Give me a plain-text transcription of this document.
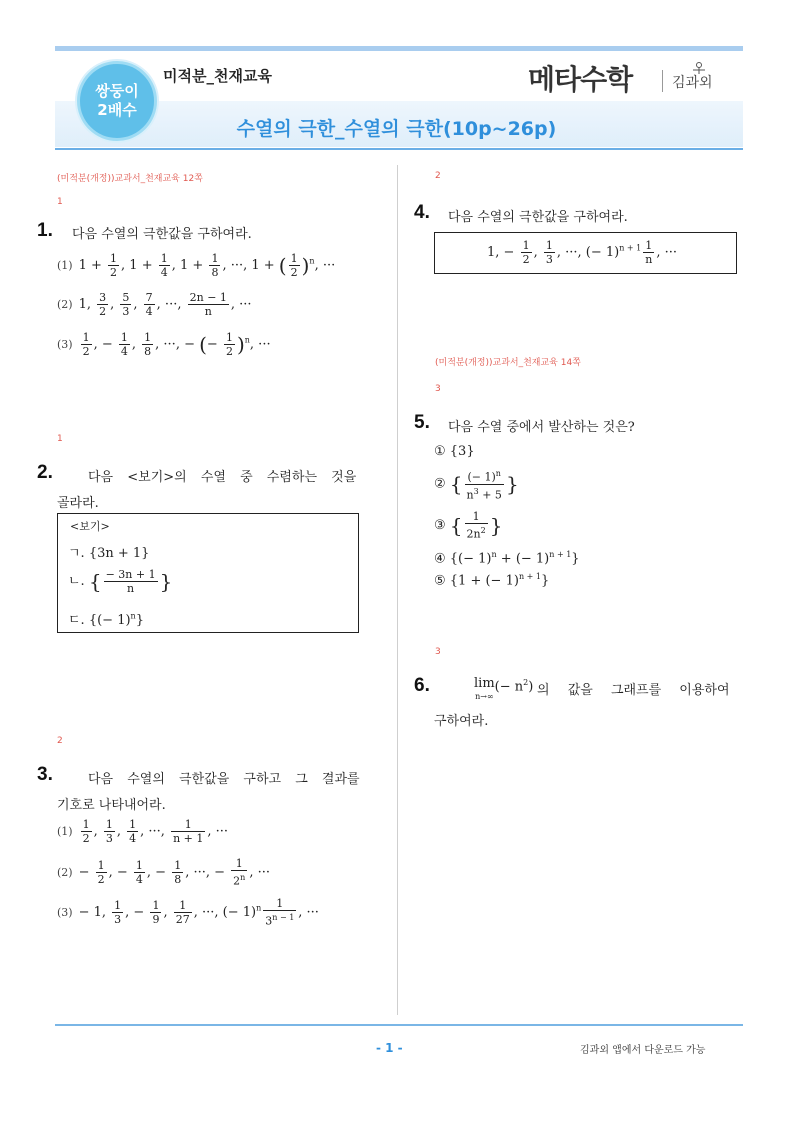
쌍둥이
2배수
미적분_천재교육
수열의 극한_수열의 극한(10p~26p)
메타수학	김과외
(미적분(개정))교과서_천재교육 12쪽
1
1. 다음 수열의 극한값을 구하여라.
(1) $1 + \frac{1}{2}$ , $1 + \frac{1}{4}$ , $1 + \frac{1}{8}$ , ···, 1 + ( $\frac{1}{2} )^n$, ···
(2) 1, $\frac{3}{2}$ , $\frac{5}{3}$ , $\frac{7}{4}$ , ···, $\frac{2n - 1}{n}$ , ···
$(3) \frac{1}{2}$ , − $\frac{1}{4}$ , $\frac{1}{8}$ , ···, − (− $\frac{1}{2} )^n$, ···
1
2.	다음 <보기>의 수열 중 수렴하는 것을
골라라.
<보기>
ㄱ. {3n + 1}
ㄴ. { $\frac{- 3n + 1}{n}$ }
ㄷ. {(− 1)$^n$}
2
3.	다음 수열의 극한값을 구하고 그 결과를
기호로 나타내어라.
$(1) \frac{1}{2}$ , $\frac{1}{3}$ , $\frac{1}{4}$ , ···, $\frac{1}{n + 1}$ , ···
$(2) - \frac{1}{2}$ , − $\frac{1}{4}$ , − $\frac{1}{8}$ , ···, − $\frac{1}{2^n}$ , ···
(3) − 1, $\frac{1}{3}$ , − $\frac{1}{9}$ , $\frac{1}{27}$ , ···, (− $1)^n \frac{1}{3^{n - 1}}$ , ···
2
4. 다음 수열의 극한값을 구하여라.
1, − $\frac{1}{2}$ , $\frac{1}{3}$ , ···, (− $1)^{n + 1} \frac{1}{n}$ , ···
(미적분(개정))교과서_천재교육 14쪽
3
5. 다음 수열 중에서 발산하는 것은?
① {3}
② { $\frac{(- 1)^n}{n^3 + 5}$ }
③ { $\frac{1}{2n^2}$ }
④ {(− 1)$^n$ + (− 1)$^{n + 1}$}
⑤ {1 + (− 1)$^{n + 1}$}
3
6.	lim
$n\to\infty(- n^2)$ 의 값을 그래프를 이용하여
구하여라.
- 1 -	김과외 앱에서 다운로드 가능
